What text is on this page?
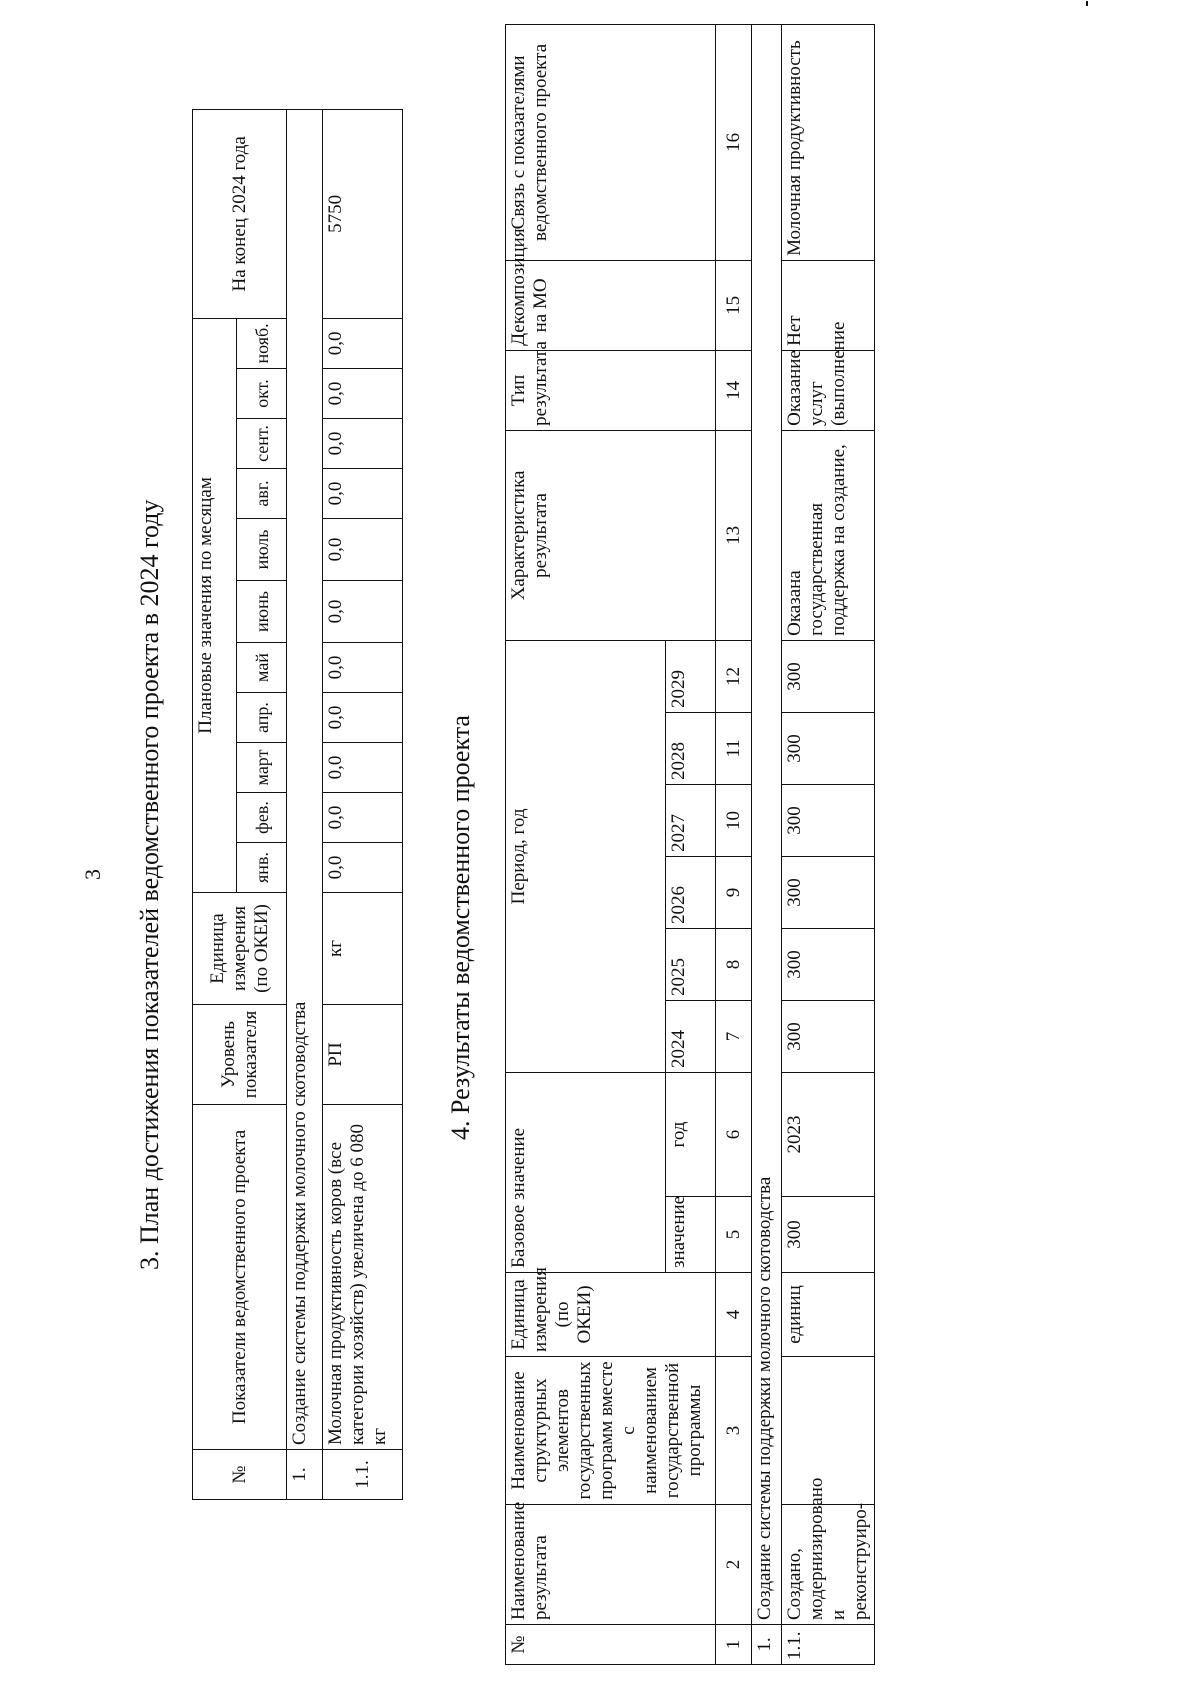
3 3. План достижения показателей ведомственного проекта в 2024 году
№	Показатели ведомственного проекта	Уровень показателя	Единица измерения (по ОКЕИ)	Плановые значения по месяцам											На конец 2024 года
				янв.	фев.	март	апр.	май	июнь	июль	авг.	сент.	окт.	нояб.	
1.	Создание системы поддержки молочного скотоводства														
1.1.	Молочная продуктивность коров (все категории хозяйств) увеличена до 6 080 кг	РП	кг	0,0	0,0	0,0	0,0	0,0	0,0	0,0	0,0	0,0	0,0	0,0	5750
4. Результаты ведомственного проекта
№	Наименование результата	Наименование структурных элементов государственных программ вместе с наименованием государственной программы	Единица измерения (по ОКЕИ)	Базовое значение		Период, год						Характеристика результата	Тип результата	Декомпозиция на МО	Связь с показателями ведомственного проекта

				значение	год	2024	2025	2026	2027	2028	2029				
1	2	3	4	5	6	7	8	9	10	11	12	13	14	15	16
1.	Создание системы поддержки молочного скотоводства														
1.1.	Создано, модернизировано и реконструиро-		единиц	300	2023	300	300	300	300	300	300	Оказана государственная поддержка на создание,	Оказание услуг (выполнение	Нет	Молочная продуктивность
